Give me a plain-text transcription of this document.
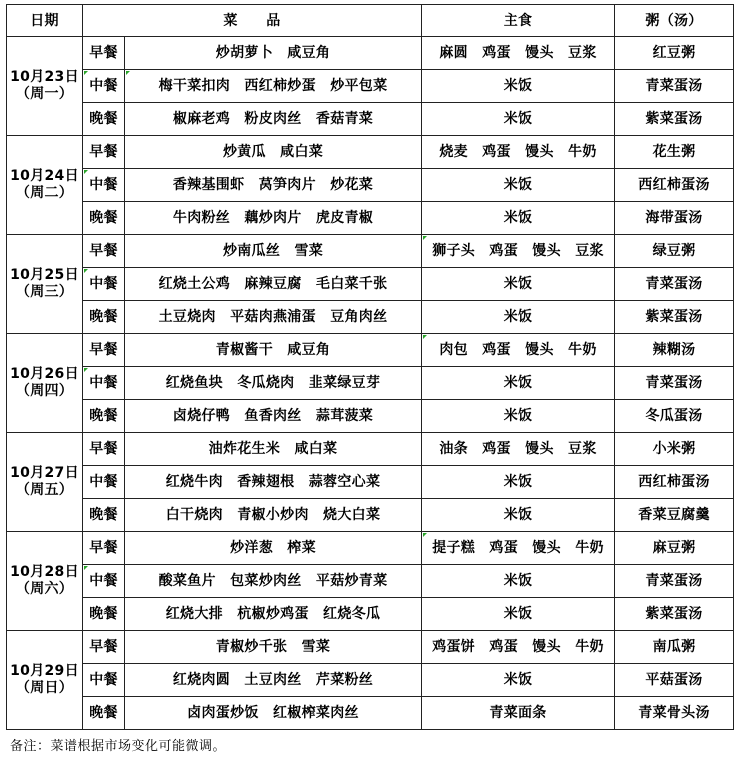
日期	菜　　品		主食	粥（汤）

10月23日
（周一）	早餐	炒胡萝卜　咸豆角	麻圆　鸡蛋　馒头　豆浆	红豆粥
	中餐	梅干菜扣肉　西红柿炒蛋　炒平包菜	米饭	青菜蛋汤
	晚餐	椒麻老鸡　粉皮肉丝　香菇青菜	米饭	紫菜蛋汤

10月24日
（周二）	早餐	炒黄瓜　咸白菜	烧麦　鸡蛋　馒头　牛奶	花生粥
	中餐	香辣基围虾　莴笋肉片　炒花菜	米饭	西红柿蛋汤
	晚餐	牛肉粉丝　藕炒肉片　虎皮青椒	米饭	海带蛋汤

10月25日
（周三）	早餐	炒南瓜丝　雪菜	狮子头　鸡蛋　馒头　豆浆	绿豆粥
	中餐	红烧土公鸡　麻辣豆腐　毛白菜千张	米饭	青菜蛋汤
	晚餐	土豆烧肉　平菇肉燕浦蛋　豆角肉丝	米饭	紫菜蛋汤

10月26日
（周四）	早餐	青椒酱干　咸豆角	肉包　鸡蛋　馒头　牛奶	辣糊汤
	中餐	红烧鱼块　冬瓜烧肉　韭菜绿豆芽	米饭	青菜蛋汤
	晚餐	卤烧仔鸭　鱼香肉丝　蒜茸菠菜	米饭	冬瓜蛋汤

10月27日
（周五）	早餐	油炸花生米　咸白菜	油条　鸡蛋　馒头　豆浆	小米粥
	中餐	红烧牛肉　香辣翅根　蒜蓉空心菜	米饭	西红柿蛋汤
	晚餐	白干烧肉　青椒小炒肉　烧大白菜	米饭	香菜豆腐羹

10月28日
（周六）	早餐	炒洋葱　榨菜	提子糕　鸡蛋　馒头　牛奶	麻豆粥
	中餐	酸菜鱼片　包菜炒肉丝　平菇炒青菜	米饭	青菜蛋汤
	晚餐	红烧大排　杭椒炒鸡蛋　红烧冬瓜	米饭	紫菜蛋汤

10月29日
（周日）	早餐	青椒炒千张　雪菜	鸡蛋饼　鸡蛋　馒头　牛奶	南瓜粥
	中餐	红烧肉圆　土豆肉丝　芹菜粉丝	米饭	平菇蛋汤
	晚餐	卤肉蛋炒饭　红椒榨菜肉丝	青菜面条	青菜骨头汤
备注：菜谱根据市场变化可能微调。
